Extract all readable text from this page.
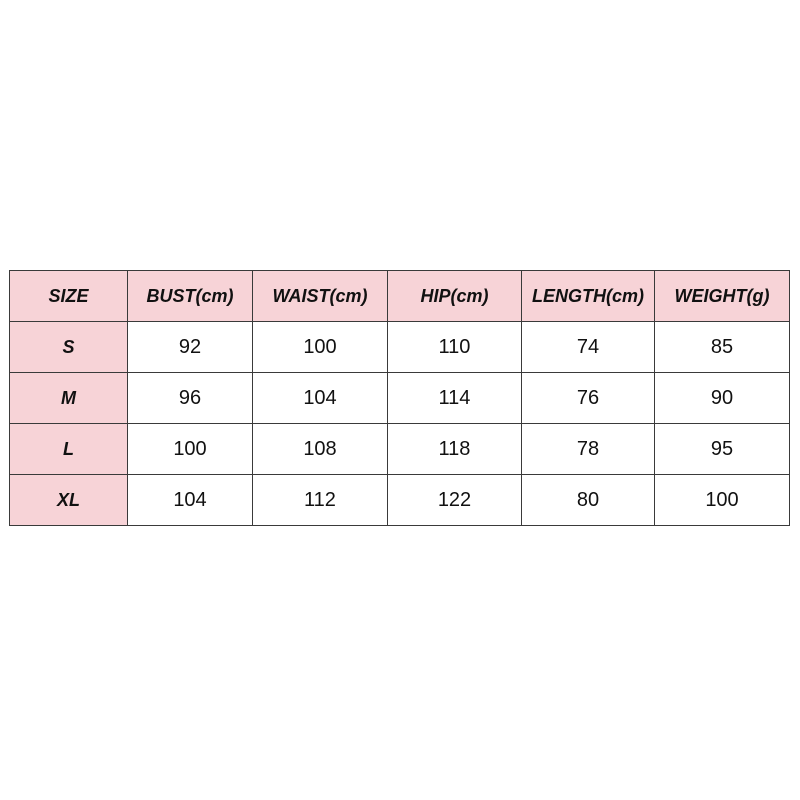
SIZE	BUST(cm)	WAIST(cm)	HIP(cm)	LENGTH(cm)	WEIGHT(g)
S	92	100	110	74	85
M	96	104	114	76	90
L	100	108	118	78	95
XL	104	112	122	80	100
